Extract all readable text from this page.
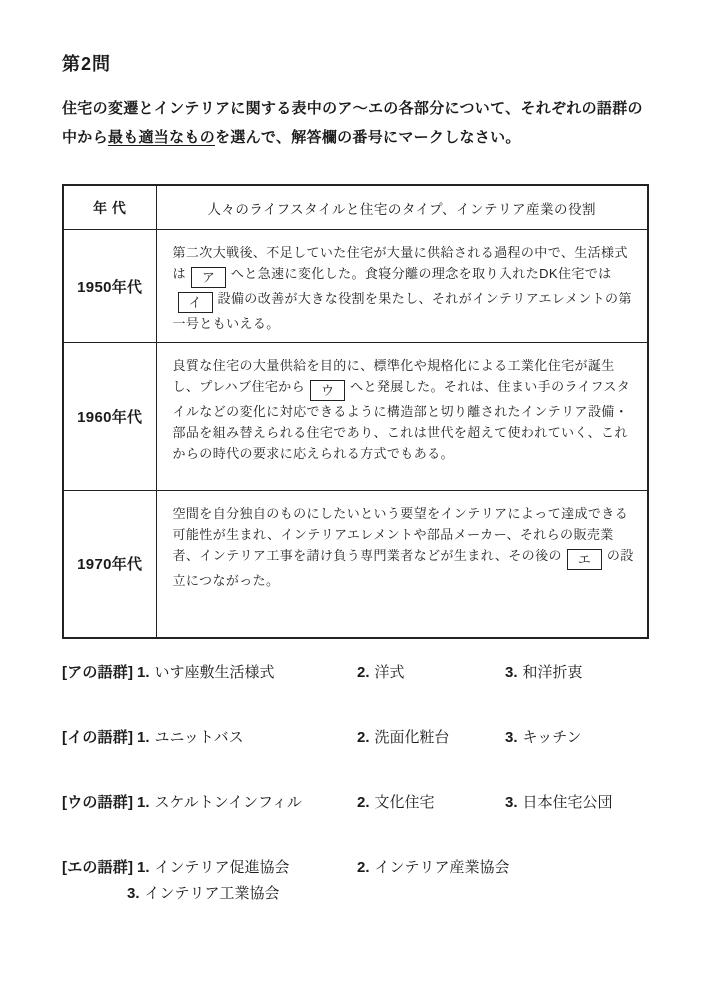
第2問
住宅の変遷とインテリアに関する表中のア〜エの各部分について、それぞれの語群の中から最も適当なものを選んで、解答欄の番号にマークしなさい。
年 代	人々のライフスタイルと住宅のタイプ、インテリア産業の役割
1950年代	第二次大戦後、不足していた住宅が大量に供給される過程の中で、生活様式は ア へと急速に変化した。食寝分離の理念を取り入れたDK住宅ではイ 設備の改善が大きな役割を果たし、それがインテリアエレメントの第一号ともいえる。
1960年代	良質な住宅の大量供給を目的に、標準化や規格化による工業化住宅が誕生し、プレハブ住宅から ウ へと発展した。それは、住まい手のライフスタイルなどの変化に対応できるように構造部と切り離されたインテリア設備・部品を組み替えられる住宅であり、これは世代を超えて使われていく、これからの時代の要求に応えられる方式でもある。
1970年代	空間を自分独自のものにしたいという要望をインテリアによって達成できる可能性が生まれ、インテリアエレメントや部品メーカー、それらの販売業者、インテリア工事を請け負う専門業者などが生まれ、その後の エ の設立につながった。
[アの語群] 1. いす座敷生活様式	2. 洋式	3. 和洋折衷
[イの語群] 1. ユニットバス	2. 洗面化粧台	3. キッチン
[ウの語群] 1. スケルトンインフィル	2. 文化住宅	3. 日本住宅公団
[エの語群] 1. インテリア促進協会	2. インテリア産業協会
3. インテリア工業協会
